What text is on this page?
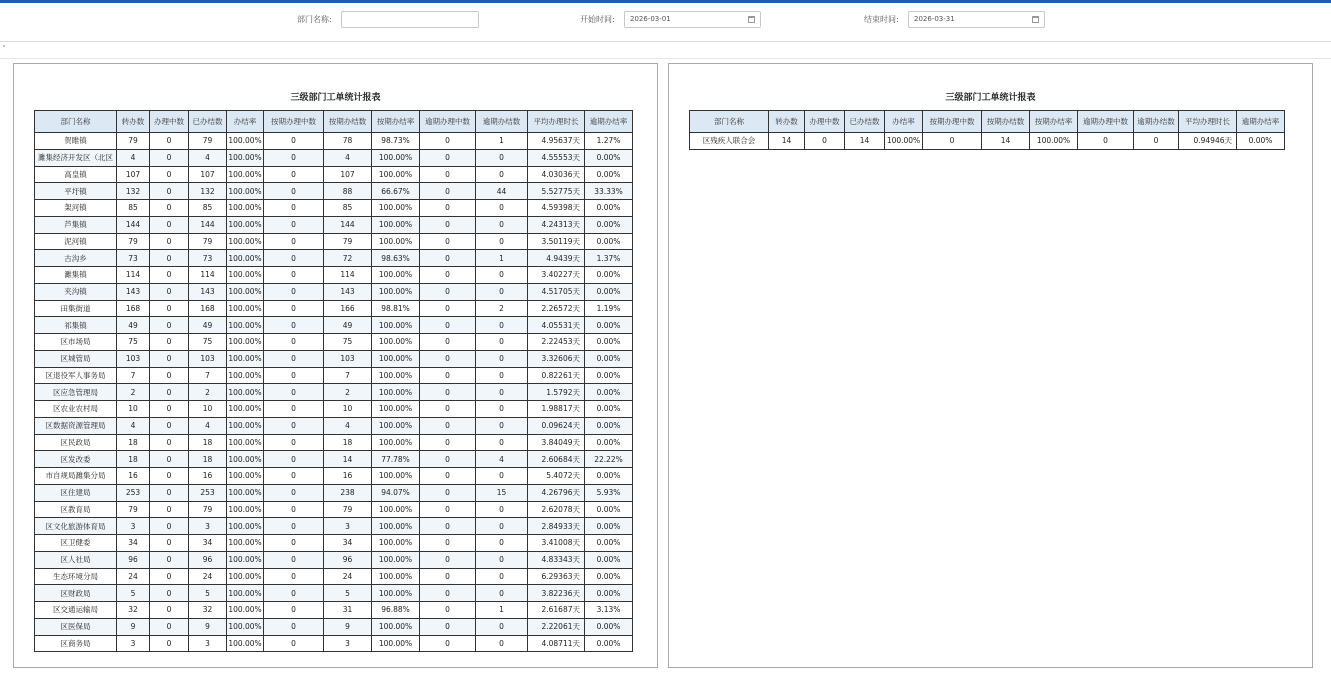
部门名称:	开始时间: 2026-03-01	结束时间: 2026-03-31
˅
三级部门工单统计报表
部门名称	转办数	办理中数	已办结数	办结率	按期办理中数	按期办结数	按期办结率	逾期办理中数	逾期办结数	平均办理时长	逾期办结率
贺睢镇	79	0	79	100.00%	0	78	98.73%	0	1	4.95637天	1.27%
濉集经济开发区（北区	4	0	4	100.00%	0	4	100.00%	0	0	4.55553天	0.00%
高皇镇	107	0	107	100.00%	0	107	100.00%	0	0	4.03036天	0.00%
平圩镇	132	0	132	100.00%	0	88	66.67%	0	44	5.52775天	33.33%
架河镇	85	0	85	100.00%	0	85	100.00%	0	0	4.59398天	0.00%
芦集镇	144	0	144	100.00%	0	144	100.00%	0	0	4.24313天	0.00%
泥河镇	79	0	79	100.00%	0	79	100.00%	0	0	3.50119天	0.00%
古沟乡	73	0	73	100.00%	0	72	98.63%	0	1	4.9439天	1.37%
濉集镇	114	0	114	100.00%	0	114	100.00%	0	0	3.40227天	0.00%
夹沟镇	143	0	143	100.00%	0	143	100.00%	0	0	4.51705天	0.00%
田集街道	168	0	168	100.00%	0	166	98.81%	0	2	2.26572天	1.19%
祁集镇	49	0	49	100.00%	0	49	100.00%	0	0	4.05531天	0.00%
区市场局	75	0	75	100.00%	0	75	100.00%	0	0	2.22453天	0.00%
区城管局	103	0	103	100.00%	0	103	100.00%	0	0	3.32606天	0.00%
区退役军人事务局	7	0	7	100.00%	0	7	100.00%	0	0	0.82261天	0.00%
区应急管理局	2	0	2	100.00%	0	2	100.00%	0	0	1.5792天	0.00%
区农业农村局	10	0	10	100.00%	0	10	100.00%	0	0	1.98817天	0.00%
区数据资源管理局	4	0	4	100.00%	0	4	100.00%	0	0	0.09624天	0.00%
区民政局	18	0	18	100.00%	0	18	100.00%	0	0	3.84049天	0.00%
区发改委	18	0	18	100.00%	0	14	77.78%	0	4	2.60684天	22.22%
市自规局濉集分局	16	0	16	100.00%	0	16	100.00%	0	0	5.4072天	0.00%
区住建局	253	0	253	100.00%	0	238	94.07%	0	15	4.26796天	5.93%
区教育局	79	0	79	100.00%	0	79	100.00%	0	0	2.62078天	0.00%
区文化旅游体育局	3	0	3	100.00%	0	3	100.00%	0	0	2.84933天	0.00%
区卫健委	34	0	34	100.00%	0	34	100.00%	0	0	3.41008天	0.00%
区人社局	96	0	96	100.00%	0	96	100.00%	0	0	4.83343天	0.00%
生态环境分局	24	0	24	100.00%	0	24	100.00%	0	0	6.29363天	0.00%
区财政局	5	0	5	100.00%	0	5	100.00%	0	0	3.82236天	0.00%
区交通运输局	32	0	32	100.00%	0	31	96.88%	0	1	2.61687天	3.13%
区医保局	9	0	9	100.00%	0	9	100.00%	0	0	2.22061天	0.00%
区商务局	3	0	3	100.00%	0	3	100.00%	0	0	4.08711天	0.00%
三级部门工单统计报表
部门名称	转办数	办理中数	已办结数	办结率	按期办理中数	按期办结数	按期办结率	逾期办理中数	逾期办结数	平均办理时长	逾期办结率
区残疾人联合会	14	0	14	100.00%	0	14	100.00%	0	0	0.94946天	0.00%
